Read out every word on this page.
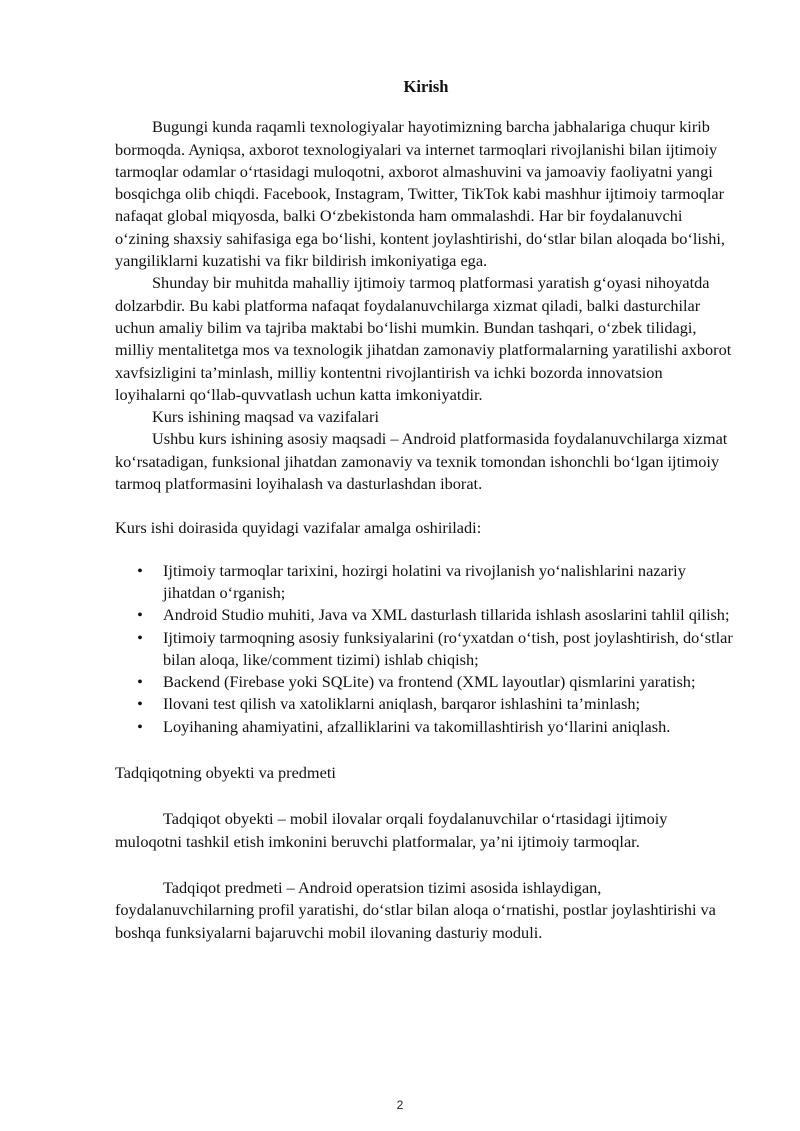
Kirish

Bugungi kunda raqamli texnologiyalar hayotimizning barcha jabhalariga chuqur kirib bormoqda. Ayniqsa, axborot texnologiyalari va internet tarmoqlari rivojlanishi bilan ijtimoiy tarmoqlar odamlar o‘rtasidagi muloqotni, axborot almashuvini va jamoaviy faoliyatni yangi bosqichga olib chiqdi. Facebook, Instagram, Twitter, TikTok kabi mashhur ijtimoiy tarmoqlar nafaqat global miqyosda, balki O‘zbekistonda ham ommalashdi. Har bir foydalanuvchi o‘zining shaxsiy sahifasiga ega bo‘lishi, kontent joylashtirishi, do‘stlar bilan aloqada bo‘lishi, yangiliklarni kuzatishi va fikr bildirish imkoniyatiga ega.

Shunday bir muhitda mahalliy ijtimoiy tarmoq platformasi yaratish g‘oyasi nihoyatda dolzarbdir. Bu kabi platforma nafaqat foydalanuvchilarga xizmat qiladi, balki dasturchilar uchun amaliy bilim va tajriba maktabi bo‘lishi mumkin. Bundan tashqari, o‘zbek tilidagi, milliy mentalitetga mos va texnologik jihatdan zamonaviy platformalarning yaratilishi axborot xavfsizligini ta’minlash, milliy kontentni rivojlantirish va ichki bozorda innovatsion loyihalarni qo‘llab-quvvatlash uchun katta imkoniyatdir.

Kurs ishining maqsad va vazifalari

Ushbu kurs ishining asosiy maqsadi – Android platformasida foydalanuvchilarga xizmat ko‘rsatadigan, funksional jihatdan zamonaviy va texnik tomondan ishonchli bo‘lgan ijtimoiy tarmoq platformasini loyihalash va dasturlashdan iborat.

Kurs ishi doirasida quyidagi vazifalar amalga oshiriladi:

• Ijtimoiy tarmoqlar tarixini, hozirgi holatini va rivojlanish yo‘nalishlarini nazariy jihatdan o‘rganish;
• Android Studio muhiti, Java va XML dasturlash tillarida ishlash asoslarini tahlil qilish;
• Ijtimoiy tarmoqning asosiy funksiyalarini (ro‘yxatdan o‘tish, post joylashtirish, do‘stlar bilan aloqa, like/comment tizimi) ishlab chiqish;
• Backend (Firebase yoki SQLite) va frontend (XML layoutlar) qismlarini yaratish;
• Ilovani test qilish va xatoliklarni aniqlash, barqaror ishlashini ta’minlash;
• Loyihaning ahamiyatini, afzalliklarini va takomillashtirish yo‘llarini aniqlash.

Tadqiqotning obyekti va predmeti

Tadqiqot obyekti – mobil ilovalar orqali foydalanuvchilar o‘rtasidagi ijtimoiy muloqotni tashkil etish imkonini beruvchi platformalar, ya’ni ijtimoiy tarmoqlar.

Tadqiqot predmeti – Android operatsion tizimi asosida ishlaydigan, foydalanuvchilarning profil yaratishi, do‘stlar bilan aloqa o‘rnatishi, postlar joylashtirishi va boshqa funksiyalarni bajaruvchi mobil ilovaning dasturiy moduli.

2
